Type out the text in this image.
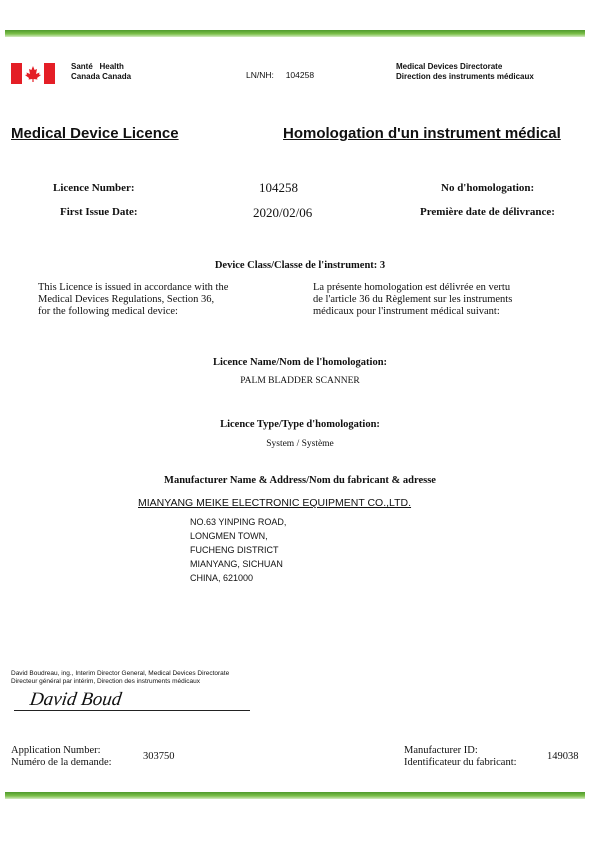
Santé Health
Canada Canada	LN/NH: 104258
Medical Devices Directorate
Direction des instruments médicaux
Medical Device Licence	Homologation d'un instrument médical
Licence Number:	104258	No d'homologation:
First Issue Date:	2020/02/06	Première date de délivrance:
Device Class/Classe de l'instrument: 3
This Licence is issued in accordance with the
Medical Devices Regulations, Section 36,
for the following medical device:
La présente homologation est délivrée en vertu
de l'article 36 du Règlement sur les instruments
médicaux pour l'instrument médical suivant:
Licence Name/Nom de l'homologation:
PALM BLADDER SCANNER
Licence Type/Type d'homologation:
System / Système
Manufacturer Name & Address/Nom du fabricant & adresse
MIANYANG MEIKE ELECTRONIC EQUIPMENT CO.,LTD.
NO.63 YINPING ROAD,
LONGMEN TOWN,
FUCHENG DISTRICT
MIANYANG, SICHUAN
CHINA, 621000
David Boudreau, ing., Interim Director General, Medical Devices Directorate
Directeur général par intérim, Direction des instruments médicaux
David Boud
Application Number:
Numéro de la demande:
303750
Manufacturer ID:
Identificateur du fabricant:
149038
